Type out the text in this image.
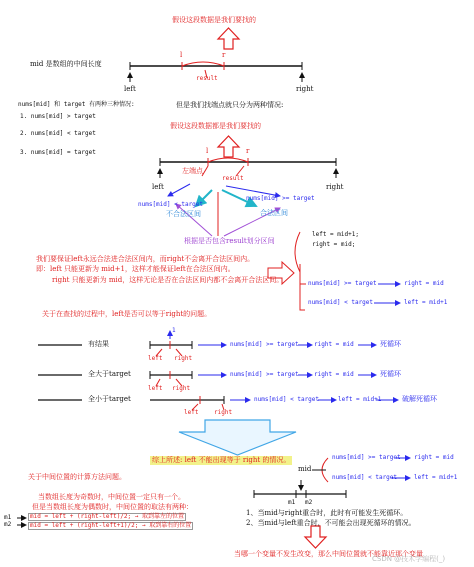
假设这段数据是我们要找的
mid 是数组的中间长度
l	r
result
left	right
nums[mid] 和 target 有两种三种情况:	但是我们找端点就只分为两种情况:
1. nums[mid] > target
2. nums[mid] < target
3. nums[mid] = target
假设这段数据都是我们要找的
l	r
左端点
result
left	right
nums[mid] >= target
nums[mid] < target
不合法区间	合法区间
根据是否包含result划分区间
我们要保证left永远合法进合法区间内，而right不会离开合法区间内。
即：left 只能更新为 mid+1，这样才能保证left在合法区间内。
right 只能更新为 mid，这样无论是否在合法区间内都不会离开合法区间。
left = mid+1;
right = mid;
nums[mid] >= target	right = mid
nums[mid] < target	left = mid+1
关于在查找的过程中，left是否可以等于right的问题。
有结果
1
left right
nums[mid] >= target	right = mid	死循环
全大于target
left right
nums[mid] >= target	right = mid	死循环
全小于target
left	right
nums[mid] < target	left = mid+1	破解死循环
综上所述: left 不能出现等于 right 的情况。
关于中间位置的计算方法问题。
当数组长度为奇数时，中间位置一定只有一个。
但是当数组长度为偶数时，中间位置的取法有两种：
m1
m2
mid = left + (right-left)/2; → 取到靠左的位置
mid = left + (right-left+1)/2; → 取到靠右的位置
mid
nums[mid] >= target right = mid
nums[mid] < target	left = mid+1
m1 m2
1、当mid与right重合时，此时有可能发生死循环。
2、当mid与left重合时，不可能会出现死循环的情况。
当哪一个变量不发生改变，那么中间位置就不能靠近那个变量
CSDN @技术学编程(_)
